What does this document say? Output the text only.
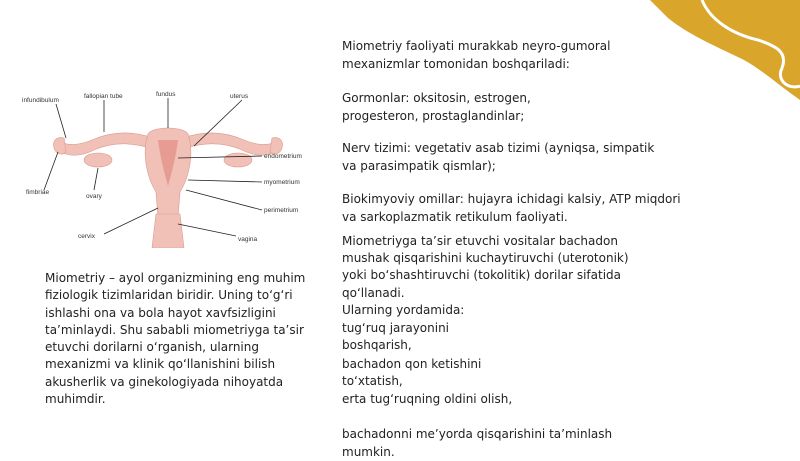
infundibulum
fallopian tube	fundus	uterus
endometrium
myometrium
perimetrium
vagina
cervix
ovary
fimbriae

Miometriy – ayol organizmining eng muhim
fiziologik tizimlaridan biridir. Uning to‘g‘ri
ishlashi ona va bola hayot xavfsizligini
ta’minlaydi. Shu sababli miometriyga ta’sir
etuvchi dorilarni o‘rganish, ularning
mexanizmi va klinik qo‘llanishini bilish
akusherlik va ginekologiyada nihoyatda
muhimdir.

Miometriy faoliyati murakkab neyro-gumoral
mexanizmlar tomonidan boshqariladi:

Gormonlar: oksitosin, estrogen,
progesteron, prostaglandinlar;

Nerv tizimi: vegetativ asab tizimi (ayniqsa, simpatik
va parasimpatik qismlar);

Biokimyoviy omillar: hujayra ichidagi kalsiy, ATP miqdori
va sarkoplazmatik retikulum faoliyati.

Miometriyga ta’sir etuvchi vositalar bachadon
mushak qisqarishini kuchaytiruvchi (uterotonik)
yoki bo‘shashtiruvchi (tokolitik) dorilar sifatida
qo‘llanadi.
Ularning yordamida:

tug‘ruq jarayonini
boshqarish,

bachadon qon ketishini
to‘xtatish,

erta tug‘ruqning oldini olish,

bachadonni me’yorda qisqarishini ta’minlash
mumkin.
